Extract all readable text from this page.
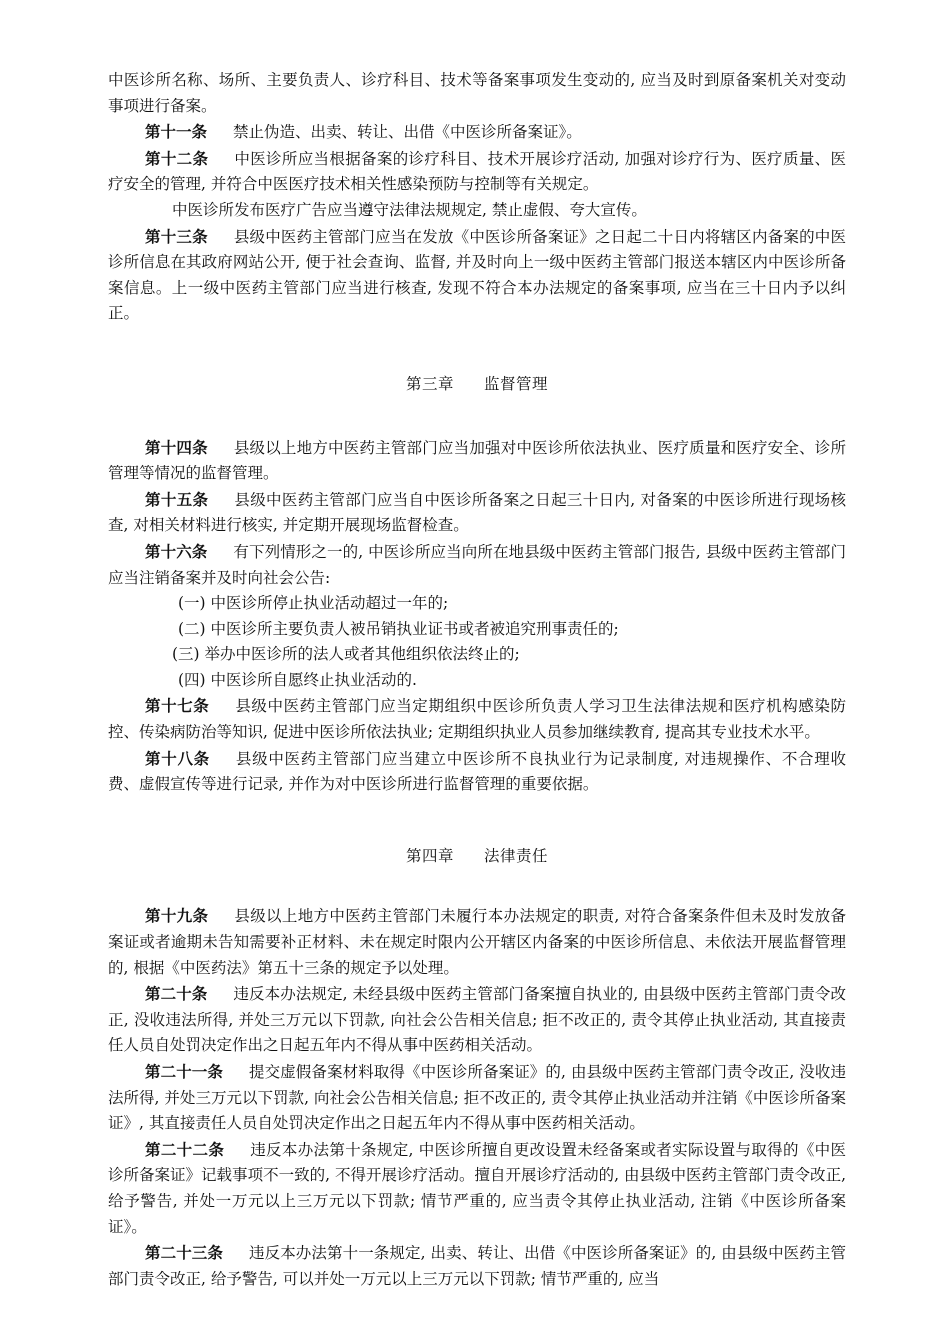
中医诊所名称、场所、主要负责人、诊疗科目、技术等备案事项发生变动的, 应当及时到原备案机关对变动事项进行备案。

第十一条 禁止伪造、出卖、转让、出借《中医诊所备案证》。

第十二条 中医诊所应当根据备案的诊疗科目、技术开展诊疗活动, 加强对诊疗行为、医疗质量、医疗安全的管理, 并符合中医医疗技术相关性感染预防与控制等有关规定。

中医诊所发布医疗广告应当遵守法律法规规定, 禁止虚假、夸大宣传。

第十三条 县级中医药主管部门应当在发放《中医诊所备案证》之日起二十日内将辖区内备案的中医诊所信息在其政府网站公开, 便于社会查询、监督, 并及时向上一级中医药主管部门报送本辖区内中医诊所备案信息。上一级中医药主管部门应当进行核查, 发现不符合本办法规定的备案事项, 应当在三十日内予以纠正。

第三章 监督管理

第十四条 县级以上地方中医药主管部门应当加强对中医诊所依法执业、医疗质量和医疗安全、诊所管理等情况的监督管理。

第十五条 县级中医药主管部门应当自中医诊所备案之日起三十日内, 对备案的中医诊所进行现场核查, 对相关材料进行核实, 并定期开展现场监督检查。

第十六条 有下列情形之一的, 中医诊所应当向所在地县级中医药主管部门报告, 县级中医药主管部门应当注销备案并及时向社会公告:

(一) 中医诊所停止执业活动超过一年的;

(二) 中医诊所主要负责人被吊销执业证书或者被追究刑事责任的;

(三) 举办中医诊所的法人或者其他组织依法终止的;

(四) 中医诊所自愿终止执业活动的.

第十七条 县级中医药主管部门应当定期组织中医诊所负责人学习卫生法律法规和医疗机构感染防控、传染病防治等知识, 促进中医诊所依法执业; 定期组织执业人员参加继续教育, 提高其专业技术水平。

第十八条 县级中医药主管部门应当建立中医诊所不良执业行为记录制度, 对违规操作、不合理收费、虚假宣传等进行记录, 并作为对中医诊所进行监督管理的重要依据。

第四章 法律责任

第十九条 县级以上地方中医药主管部门未履行本办法规定的职责, 对符合备案条件但未及时发放备案证或者逾期未告知需要补正材料、未在规定时限内公开辖区内备案的中医诊所信息、未依法开展监督管理的, 根据《中医药法》第五十三条的规定予以处理。

第二十条 违反本办法规定, 未经县级中医药主管部门备案擅自执业的, 由县级中医药主管部门责令改正, 没收违法所得, 并处三万元以下罚款, 向社会公告相关信息; 拒不改正的, 责令其停止执业活动, 其直接责任人员自处罚决定作出之日起五年内不得从事中医药相关活动。

第二十一条 提交虚假备案材料取得《中医诊所备案证》的, 由县级中医药主管部门责令改正, 没收违法所得, 并处三万元以下罚款, 向社会公告相关信息; 拒不改正的, 责令其停止执业活动并注销《中医诊所备案证》, 其直接责任人员自处罚决定作出之日起五年内不得从事中医药相关活动。

第二十二条 违反本办法第十条规定, 中医诊所擅自更改设置未经备案或者实际设置与取得的《中医诊所备案证》记载事项不一致的, 不得开展诊疗活动。擅自开展诊疗活动的, 由县级中医药主管部门责令改正, 给予警告, 并处一万元以上三万元以下罚款; 情节严重的, 应当责令其停止执业活动, 注销《中医诊所备案证》。

第二十三条 违反本办法第十一条规定, 出卖、转让、出借《中医诊所备案证》的, 由县级中医药主管部门责令改正, 给予警告, 可以并处一万元以上三万元以下罚款; 情节严重的, 应当
